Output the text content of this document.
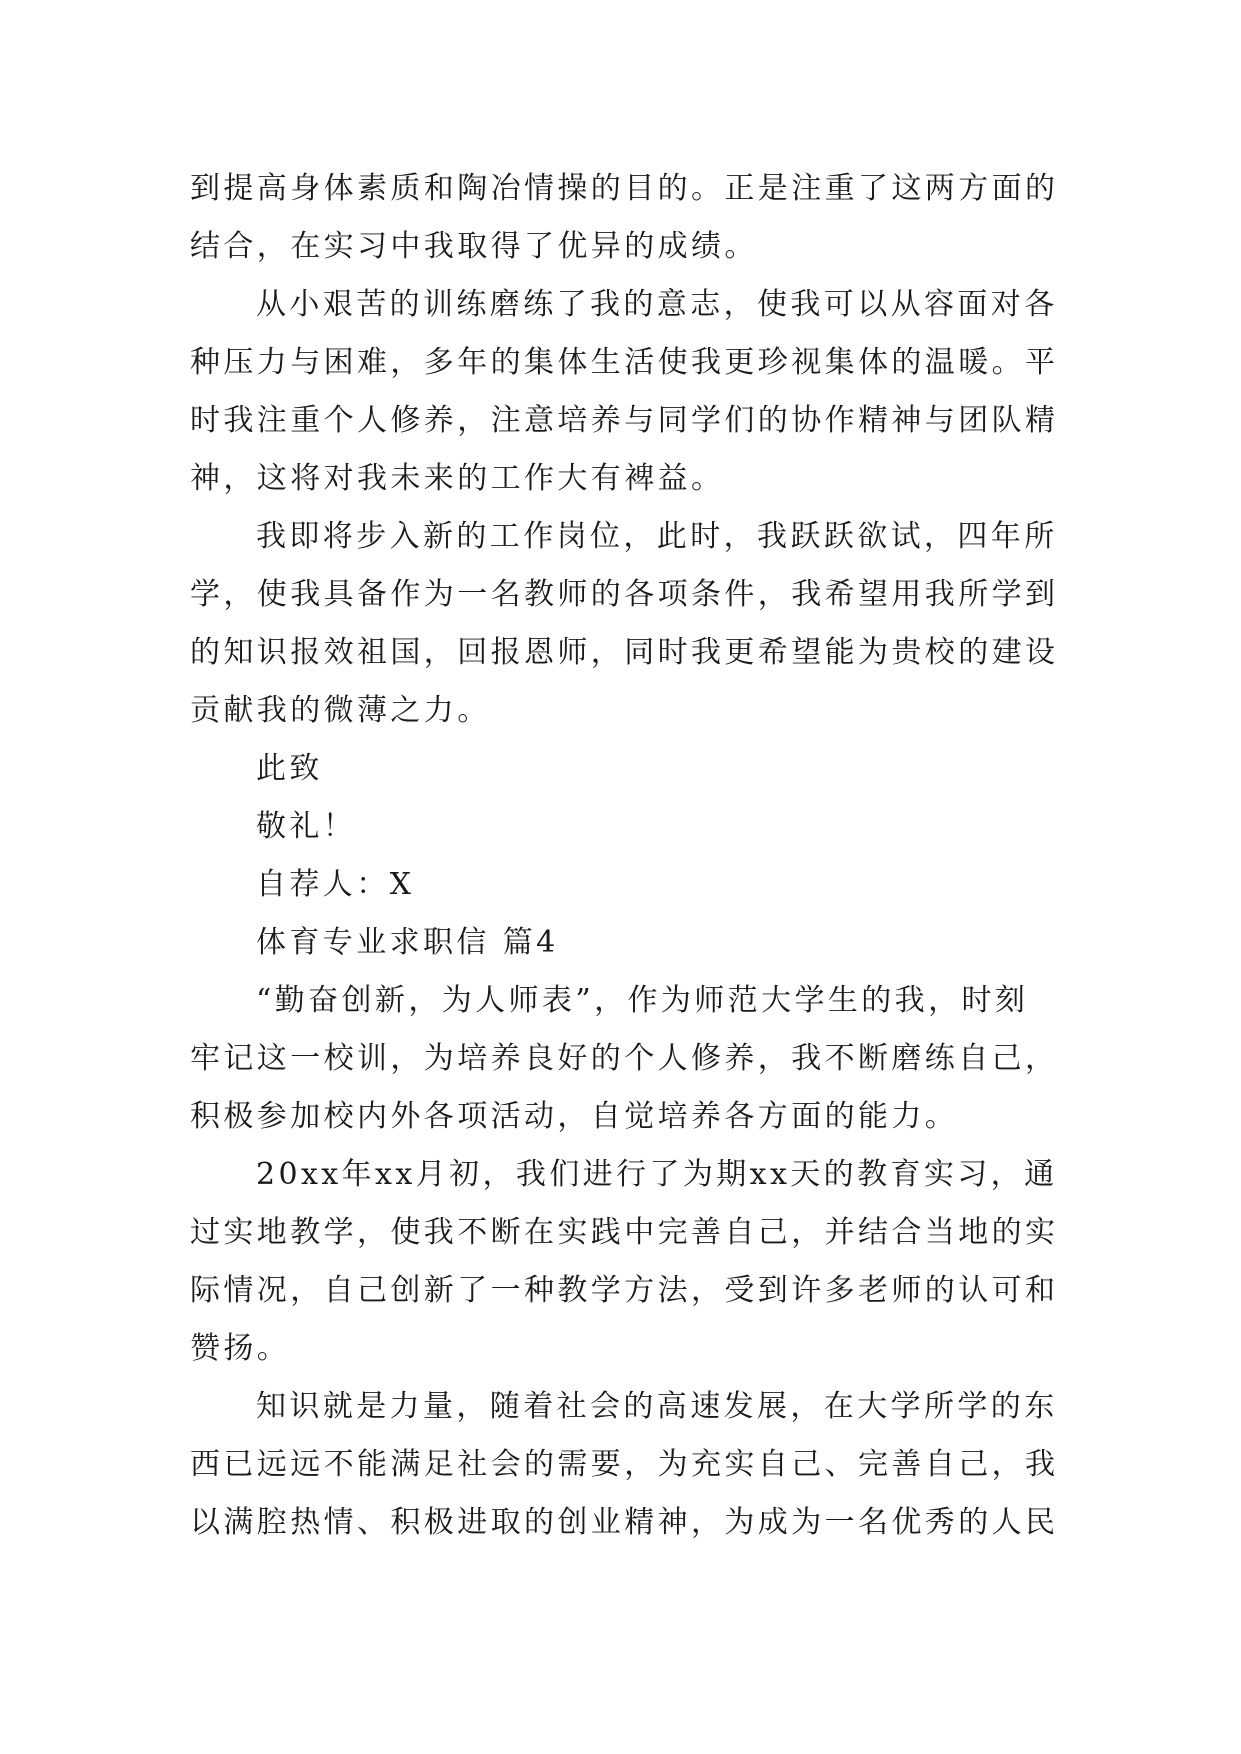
到提高身体素质和陶冶情操的目的。正是注重了这两方面的
结合，在实习中我取得了优异的成绩。
从小艰苦的训练磨练了我的意志，使我可以从容面对各
种压力与困难，多年的集体生活使我更珍视集体的温暖。平
时我注重个人修养，注意培养与同学们的协作精神与团队精
神，这将对我未来的工作大有裨益。
我即将步入新的工作岗位，此时，我跃跃欲试，四年所
学，使我具备作为一名教师的各项条件，我希望用我所学到
的知识报效祖国，回报恩师，同时我更希望能为贵校的建设
贡献我的微薄之力。
此致
敬礼！
自荐人：X
体育专业求职信 篇4
“勤奋创新，为人师表”，作为师范大学生的我，时刻
牢记这一校训，为培养良好的个人修养，我不断磨练自己，
积极参加校内外各项活动，自觉培养各方面的能力。
20xx年xx月初，我们进行了为期xx天的教育实习，通
过实地教学，使我不断在实践中完善自己，并结合当地的实
际情况，自己创新了一种教学方法，受到许多老师的认可和
赞扬。
知识就是力量，随着社会的高速发展，在大学所学的东
西已远远不能满足社会的需要，为充实自己、完善自己，我
以满腔热情、积极进取的创业精神，为成为一名优秀的人民
